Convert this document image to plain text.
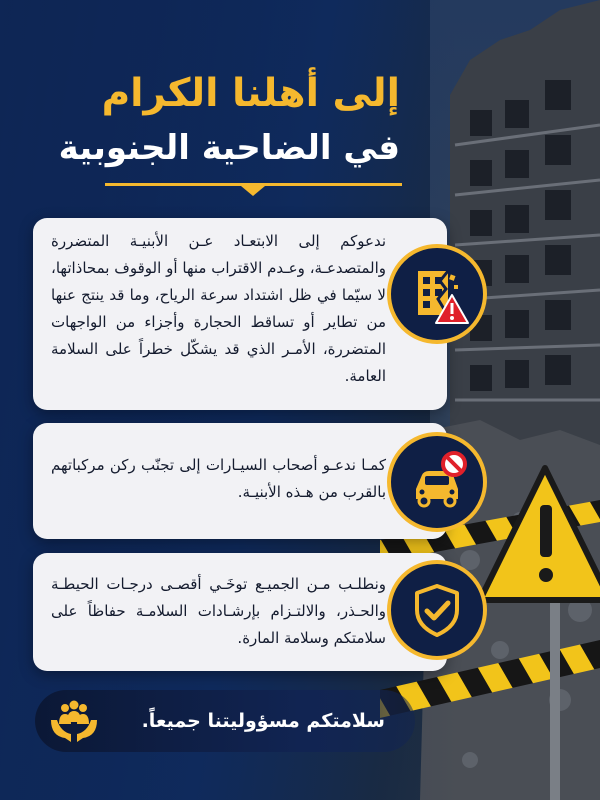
إلى أهلنا الكرام
في الضاحية الجنوبية
ندعوكم إلى الابتعـاد عـن الأبنيـة المتضررة والمتصدعـة، وعـدم الاقتراب منها أو الوقوف بمحاذاتها، لا سيّما في ظل اشتداد سرعة الرياح، وما قد ينتج عنها من تطاير أو تساقط الحجارة وأجزاء من الواجهات المتضررة، الأمـر الذي قد يشكّل خطراً على السلامة العامة.
كمـا ندعـو أصحاب السيـارات إلى تجنّب ركن مركباتهم بالقرب من هـذه الأبنيـة.
ونطلـب مـن الجميـع توخَـي أقصـى درجـات الحيطـة والحـذر، والالتـزام بإرشـادات السلامـة حفاظاً على سلامتكم وسلامة المارة.
سلامتكم مسؤوليتنا جميعاً.
